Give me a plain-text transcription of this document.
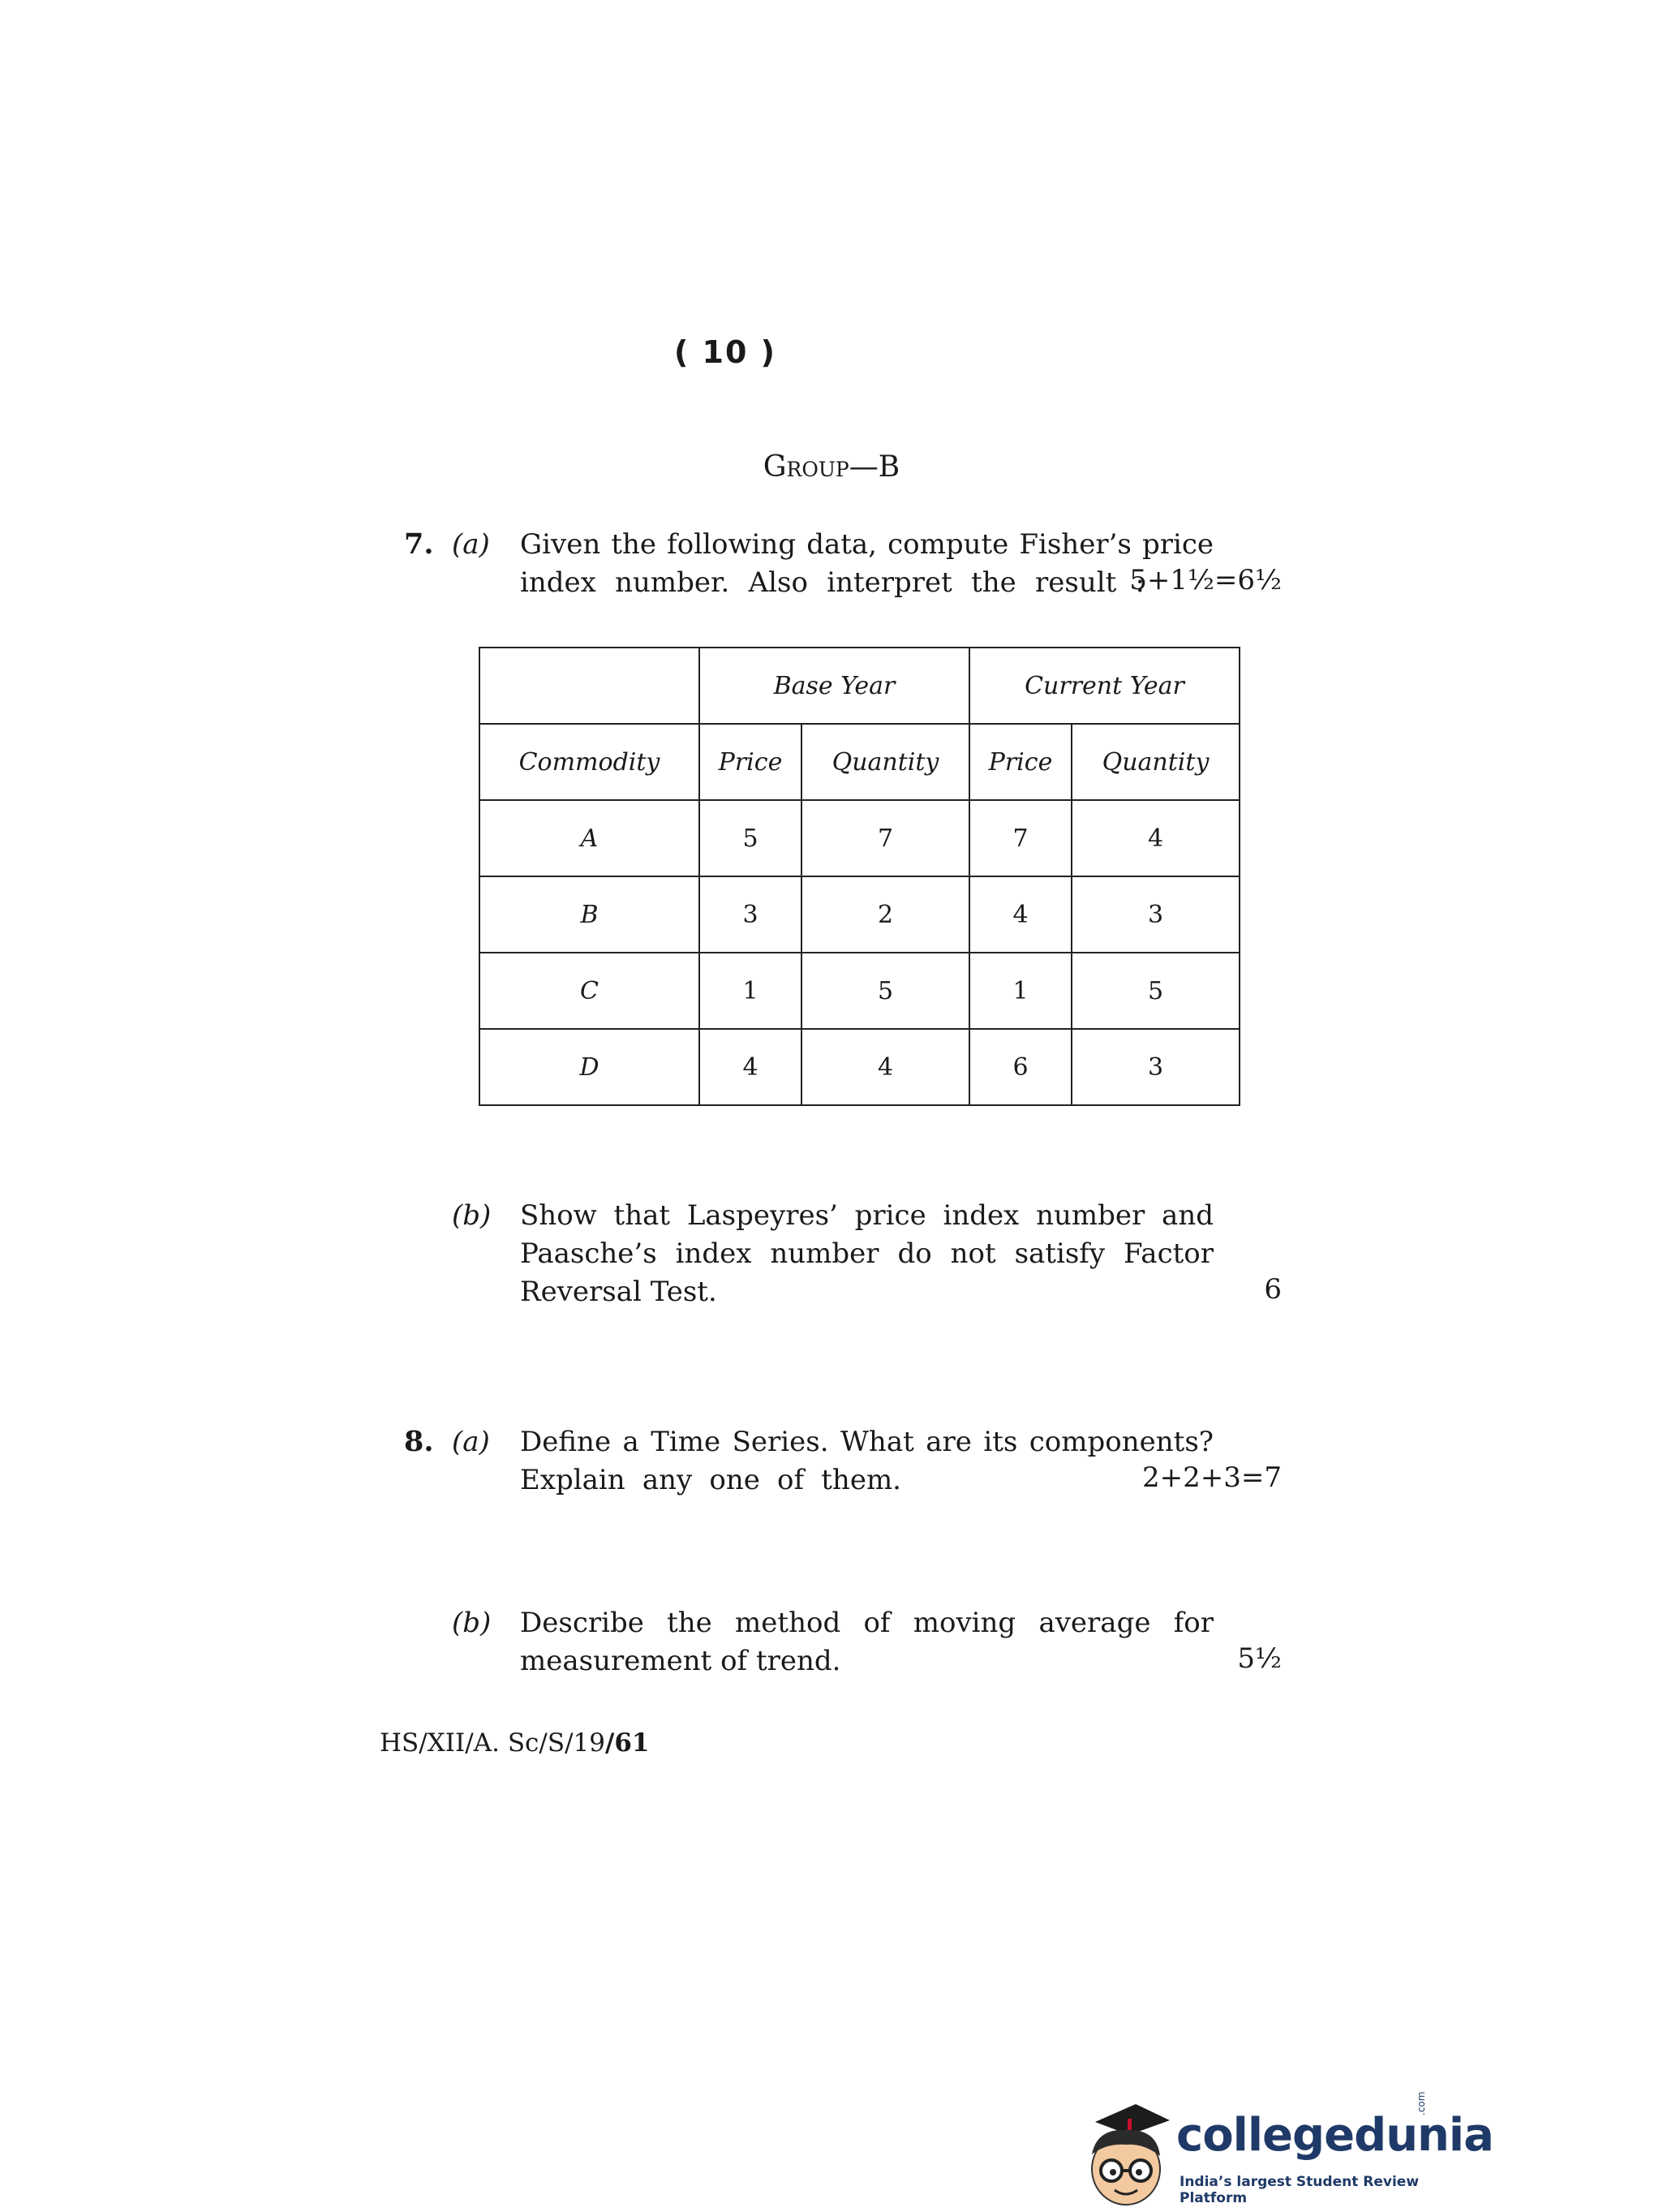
( 10 )
Group—B
7. (a) Given the following data, compute Fisher’s price
index number. Also interpret the result :
5+1½=6½
	Base Year		Current Year	
Commodity	Price	Quantity	Price	Quantity
A	5	7	7	4
B	3	2	4	3
C	1	5	1	5
D	4	4	6	3
(b) Show that Laspeyres’ price index number and
Paasche’s index number do not satisfy Factor
Reversal Test.	6
8. (a) Define a Time Series. What are its components?
Explain any one of them.	2+2+3=7
(b) Describe the method of moving average for
measurement of trend.	5½
HS/XII/A. Sc/S/19/61
collegedunia
.com
India’s largest Student Review Platform
